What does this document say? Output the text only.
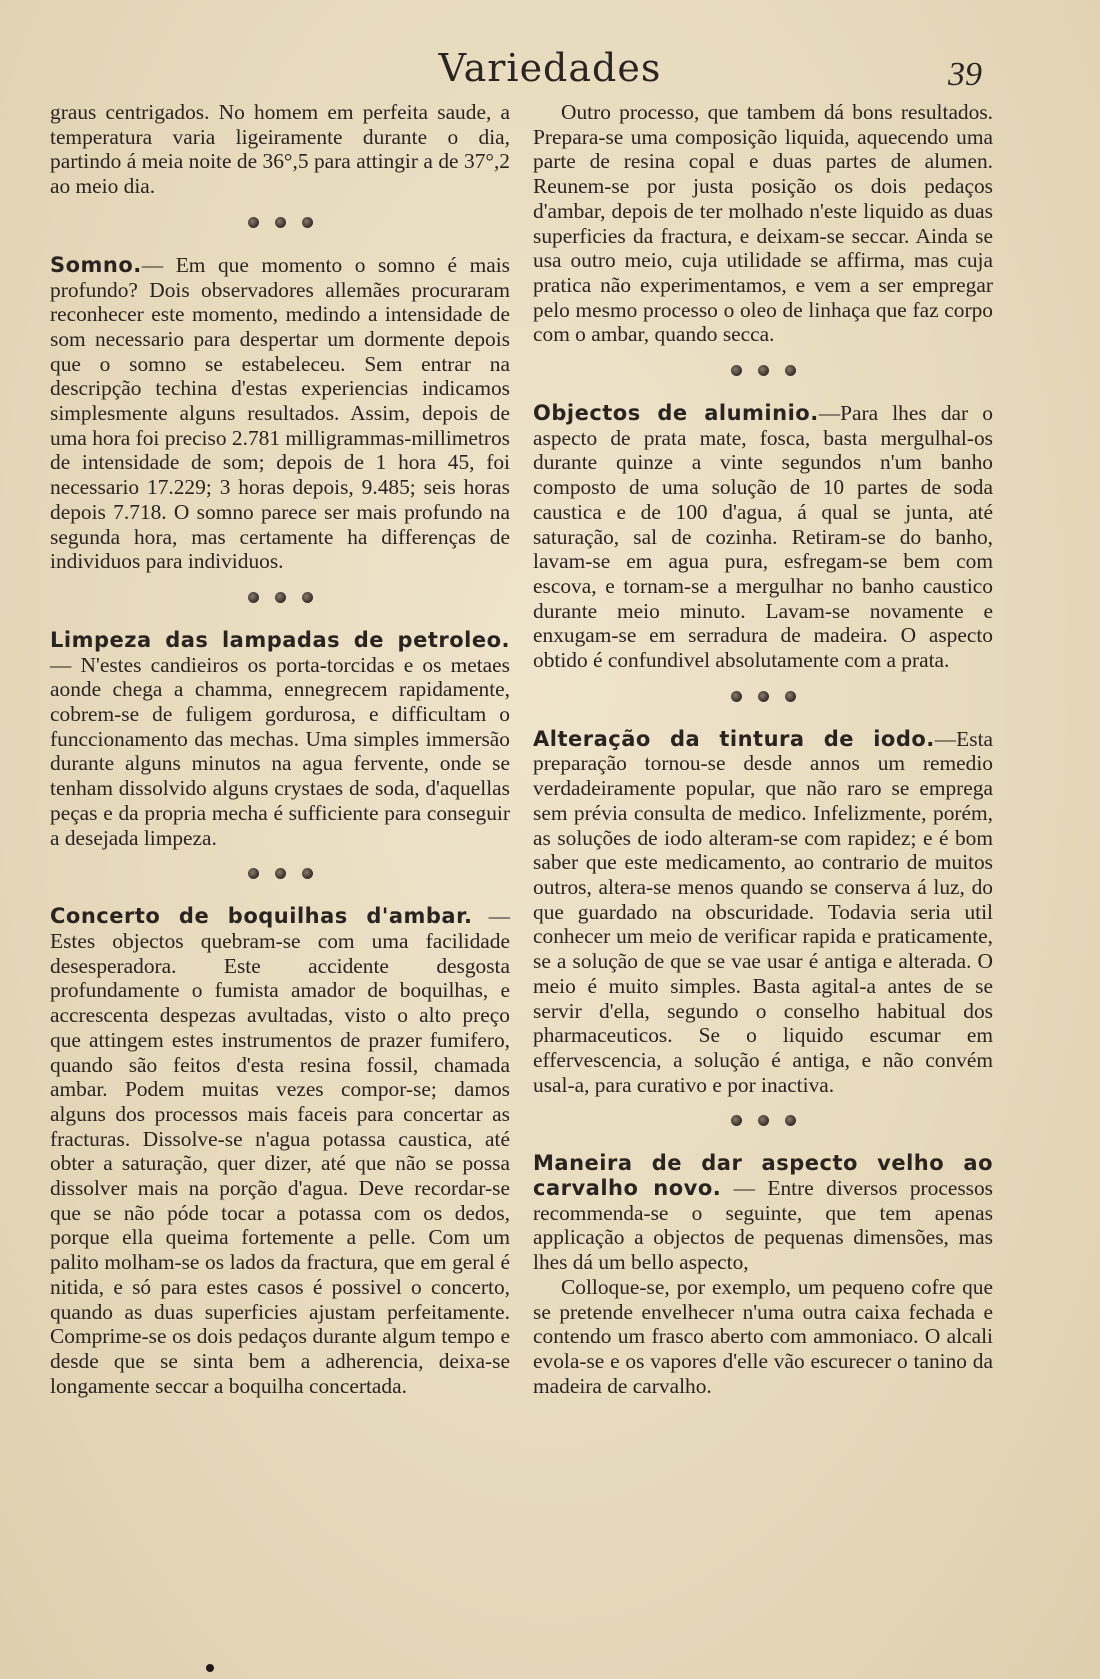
Variedades	39

graus centrigados. No homem em perfeita saude, a temperatura varia ligeiramente durante o dia, partindo á meia noite de 36°,5 para attingir a de 37°,2 ao meio dia.

Somno.— Em que momento o somno é mais profundo? Dois observadores allemães procuraram reconhecer este momento, medindo a intensidade de som necessario para despertar um dormente depois que o somno se estabeleceu. Sem entrar na descripção techina d'estas experiencias indicamos simplesmente alguns resultados. Assim, depois de uma hora foi preciso 2.781 milligrammas-millimetros de intensidade de som; depois de 1 hora 45, foi necessario 17.229; 3 horas depois, 9.485; seis horas depois 7.718. O somno parece ser mais profundo na segunda hora, mas certamente ha differenças de individuos para individuos.

Limpeza das lampadas de petroleo. — N'estes candieiros os porta-torcidas e os metaes aonde chega a chamma, ennegrecem rapidamente, cobrem-se de fuligem gordurosa, e difficultam o funccionamento das mechas. Uma simples immersão durante alguns minutos na agua fervente, onde se tenham dissolvido alguns crystaes de soda, d'aquellas peças e da propria mecha é sufficiente para conseguir a desejada limpeza.

Concerto de boquilhas d'ambar. — Estes objectos quebram-se com uma facilidade desesperadora. Este accidente desgosta profundamente o fumista amador de boquilhas, e accrescenta despezas avultadas, visto o alto preço que attingem estes instrumentos de prazer fumifero, quando são feitos d'esta resina fossil, chamada ambar. Podem muitas vezes compor-se; damos alguns dos processos mais faceis para concertar as fracturas. Dissolve-se n'agua potassa caustica, até obter a saturação, quer dizer, até que não se possa dissolver mais na porção d'agua. Deve recordar-se que se não póde tocar a potassa com os dedos, porque ella queima fortemente a pelle. Com um palito molham-se os lados da fractura, que em geral é nitida, e só para estes casos é possivel o concerto, quando as duas superficies ajustam perfeitamente. Comprime-se os dois pedaços durante algum tempo e desde que se sinta bem a adherencia, deixa-se longamente seccar a boquilha concertada.

Outro processo, que tambem dá bons resultados. Prepara-se uma composição liquida, aquecendo uma parte de resina copal e duas partes de alumen. Reunem-se por justa posição os dois pedaços d'ambar, depois de ter molhado n'este liquido as duas superficies da fractura, e deixam-se seccar. Ainda se usa outro meio, cuja utilidade se affirma, mas cuja pratica não experimentamos, e vem a ser empregar pelo mesmo processo o oleo de linhaça que faz corpo com o ambar, quando secca.

Objectos de aluminio.—Para lhes dar o aspecto de prata mate, fosca, basta mergulhal-os durante quinze a vinte segundos n'um banho composto de uma solução de 10 partes de soda caustica e de 100 d'agua, á qual se junta, até saturação, sal de cozinha. Retiram-se do banho, lavam-se em agua pura, esfregam-se bem com escova, e tornam-se a mergulhar no banho caustico durante meio minuto. Lavam-se novamente e enxugam-se em serradura de madeira. O aspecto obtido é confundivel absolutamente com a prata.

Alteração da tintura de iodo.—Esta preparação tornou-se desde annos um remedio verdadeiramente popular, que não raro se emprega sem prévia consulta de medico. Infelizmente, porém, as soluções de iodo alteram-se com rapidez; e é bom saber que este medicamento, ao contrario de muitos outros, altera-se menos quando se conserva á luz, do que guardado na obscuridade. Todavia seria util conhecer um meio de verificar rapida e praticamente, se a solução de que se vae usar é antiga e alterada. O meio é muito simples. Basta agital-a antes de se servir d'ella, segundo o conselho habitual dos pharmaceuticos. Se o liquido escumar em effervescencia, a solução é antiga, e não convém usal-a, para curativo e por inactiva.

Maneira de dar aspecto velho ao carvalho novo. — Entre diversos processos recommenda-se o seguinte, que tem apenas applicação a objectos de pequenas dimensões, mas lhes dá um bello aspecto,

Colloque-se, por exemplo, um pequeno cofre que se pretende envelhecer n'uma outra caixa fechada e contendo um frasco aberto com ammoniaco. O alcali evola-se e os vapores d'elle vão escurecer o tanino da madeira de carvalho.
